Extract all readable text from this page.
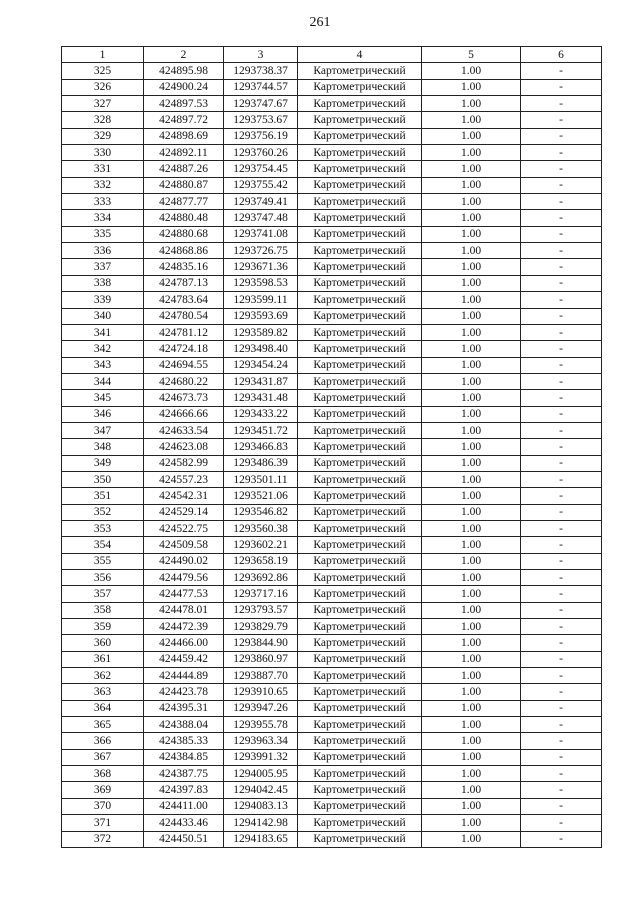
261
1	2	3	4	5	6
325	424895.98	1293738.37	Картометрический	1.00	-
326	424900.24	1293744.57	Картометрический	1.00	-
327	424897.53	1293747.67	Картометрический	1.00	-
328	424897.72	1293753.67	Картометрический	1.00	-
329	424898.69	1293756.19	Картометрический	1.00	-
330	424892.11	1293760.26	Картометрический	1.00	-
331	424887.26	1293754.45	Картометрический	1.00	-
332	424880.87	1293755.42	Картометрический	1.00	-
333	424877.77	1293749.41	Картометрический	1.00	-
334	424880.48	1293747.48	Картометрический	1.00	-
335	424880.68	1293741.08	Картометрический	1.00	-
336	424868.86	1293726.75	Картометрический	1.00	-
337	424835.16	1293671.36	Картометрический	1.00	-
338	424787.13	1293598.53	Картометрический	1.00	-
339	424783.64	1293599.11	Картометрический	1.00	-
340	424780.54	1293593.69	Картометрический	1.00	-
341	424781.12	1293589.82	Картометрический	1.00	-
342	424724.18	1293498.40	Картометрический	1.00	-
343	424694.55	1293454.24	Картометрический	1.00	-
344	424680.22	1293431.87	Картометрический	1.00	-
345	424673.73	1293431.48	Картометрический	1.00	-
346	424666.66	1293433.22	Картометрический	1.00	-
347	424633.54	1293451.72	Картометрический	1.00	-
348	424623.08	1293466.83	Картометрический	1.00	-
349	424582.99	1293486.39	Картометрический	1.00	-
350	424557.23	1293501.11	Картометрический	1.00	-
351	424542.31	1293521.06	Картометрический	1.00	-
352	424529.14	1293546.82	Картометрический	1.00	-
353	424522.75	1293560.38	Картометрический	1.00	-
354	424509.58	1293602.21	Картометрический	1.00	-
355	424490.02	1293658.19	Картометрический	1.00	-
356	424479.56	1293692.86	Картометрический	1.00	-
357	424477.53	1293717.16	Картометрический	1.00	-
358	424478.01	1293793.57	Картометрический	1.00	-
359	424472.39	1293829.79	Картометрический	1.00	-
360	424466.00	1293844.90	Картометрический	1.00	-
361	424459.42	1293860.97	Картометрический	1.00	-
362	424444.89	1293887.70	Картометрический	1.00	-
363	424423.78	1293910.65	Картометрический	1.00	-
364	424395.31	1293947.26	Картометрический	1.00	-
365	424388.04	1293955.78	Картометрический	1.00	-
366	424385.33	1293963.34	Картометрический	1.00	-
367	424384.85	1293991.32	Картометрический	1.00	-
368	424387.75	1294005.95	Картометрический	1.00	-
369	424397.83	1294042.45	Картометрический	1.00	-
370	424411.00	1294083.13	Картометрический	1.00	-
371	424433.46	1294142.98	Картометрический	1.00	-
372	424450.51	1294183.65	Картометрический	1.00	-
